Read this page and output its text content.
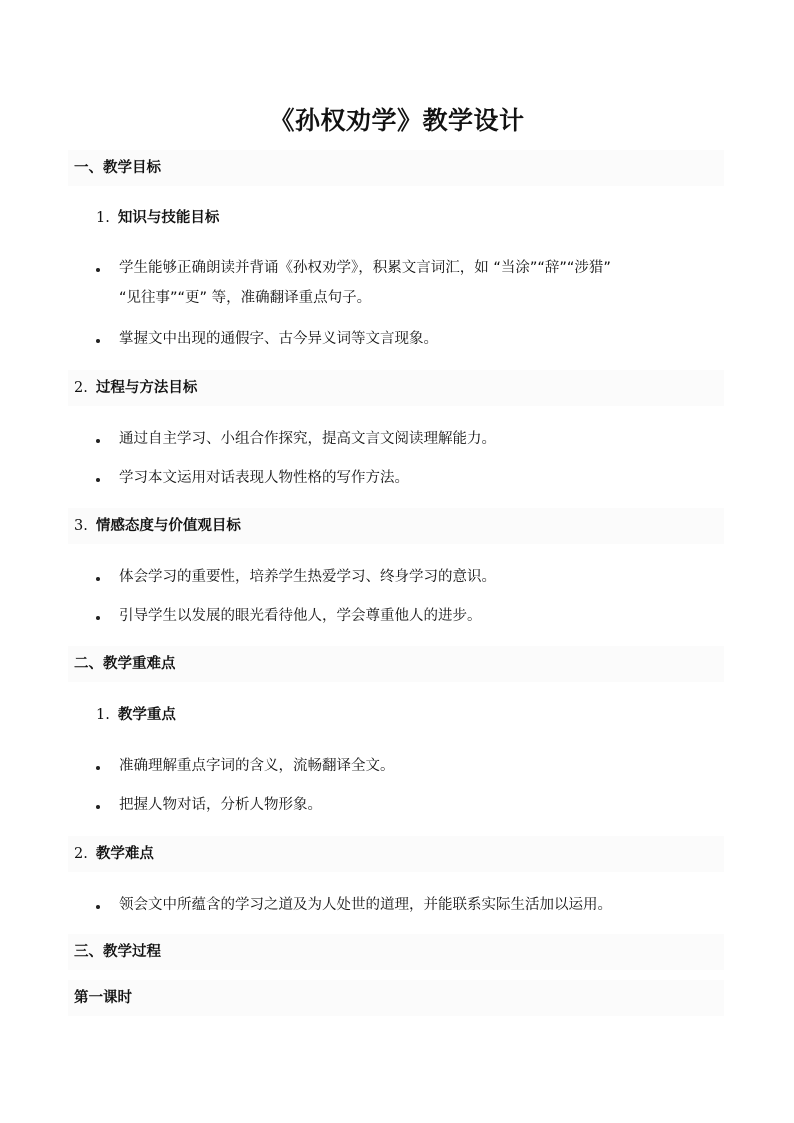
《孙权劝学》教学设计
一、教学目标
1. 知识与技能目标
学生能够正确朗读并背诵《孙权劝学》，积累文言词汇，如 “当涂”“辞”“涉猎”
“见往事”“更” 等，准确翻译重点句子。
掌握文中出现的通假字、古今异义词等文言现象。
2. 过程与方法目标
通过自主学习、小组合作探究，提高文言文阅读理解能力。
学习本文运用对话表现人物性格的写作方法。
3. 情感态度与价值观目标
体会学习的重要性，培养学生热爱学习、终身学习的意识。
引导学生以发展的眼光看待他人，学会尊重他人的进步。
二、教学重难点
1. 教学重点
准确理解重点字词的含义，流畅翻译全文。
把握人物对话，分析人物形象。
2. 教学难点
领会文中所蕴含的学习之道及为人处世的道理，并能联系实际生活加以运用。
三、教学过程
第一课时
